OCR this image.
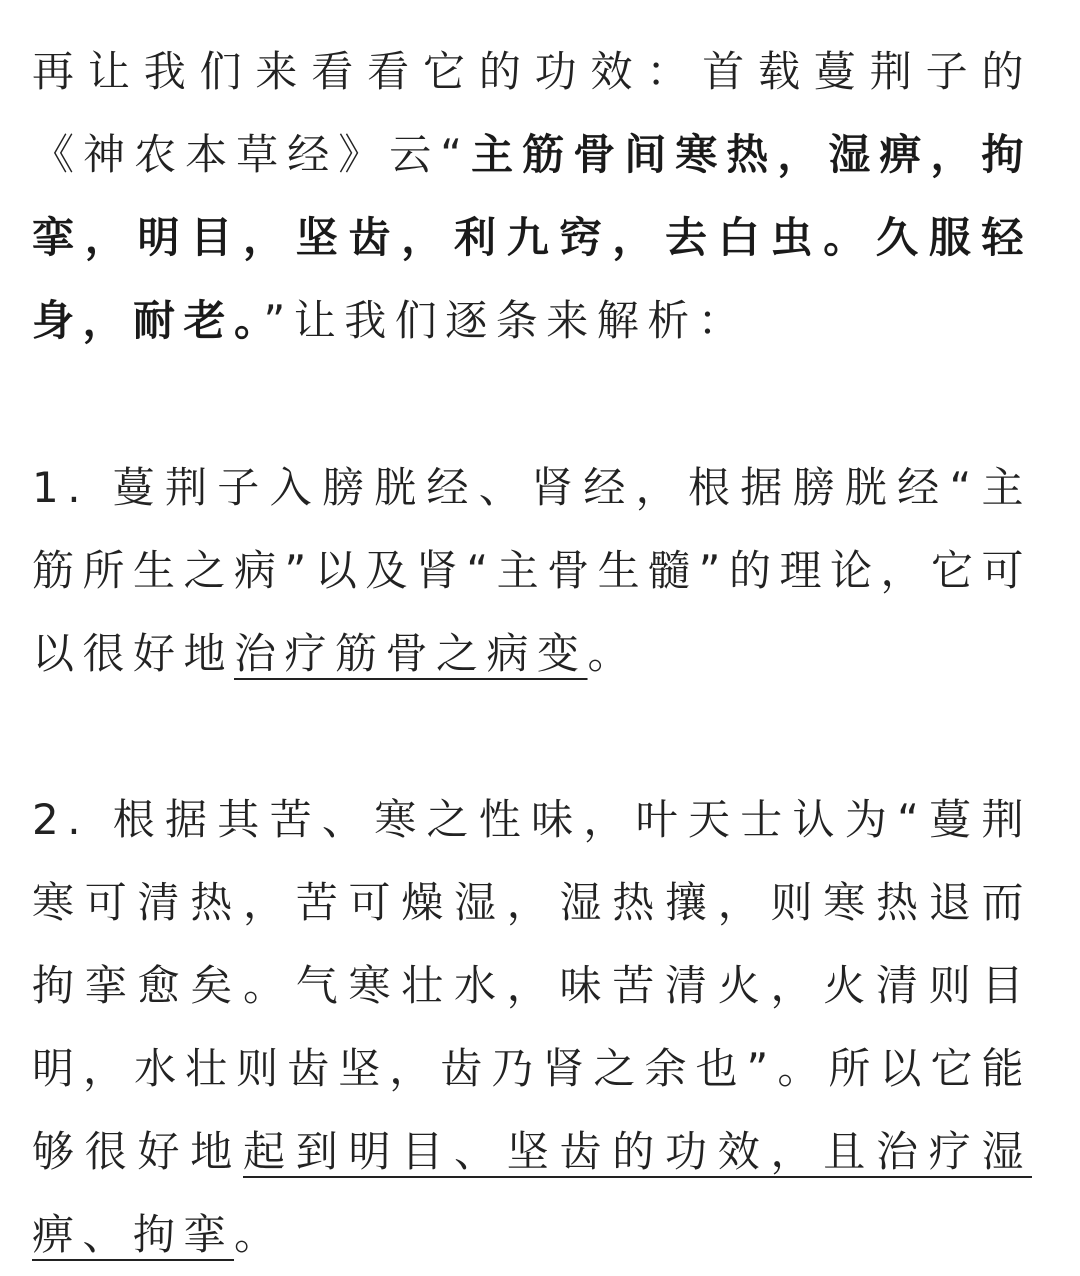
再让我们来看看它的功效：首载蔓荆子的《神农本草经》云“主筋骨间寒热，湿痹，拘挛，明目，坚齿，利九窍，去白虫。久服轻身，耐老。”让我们逐条来解析：

1. 蔓荆子入膀胱经、肾经，根据膀胱经“主筋所生之病”以及肾“主骨生髓”的理论，它可以很好地治疗筋骨之病变。

2. 根据其苦、寒之性味，叶天士认为“蔓荆寒可清热，苦可燥湿，湿热攘，则寒热退而拘挛愈矣。气寒壮水，味苦清火，火清则目明，水壮则齿坚，齿乃肾之余也”。所以它能够很好地起到明目、坚齿的功效，且治疗湿痹、拘挛。
